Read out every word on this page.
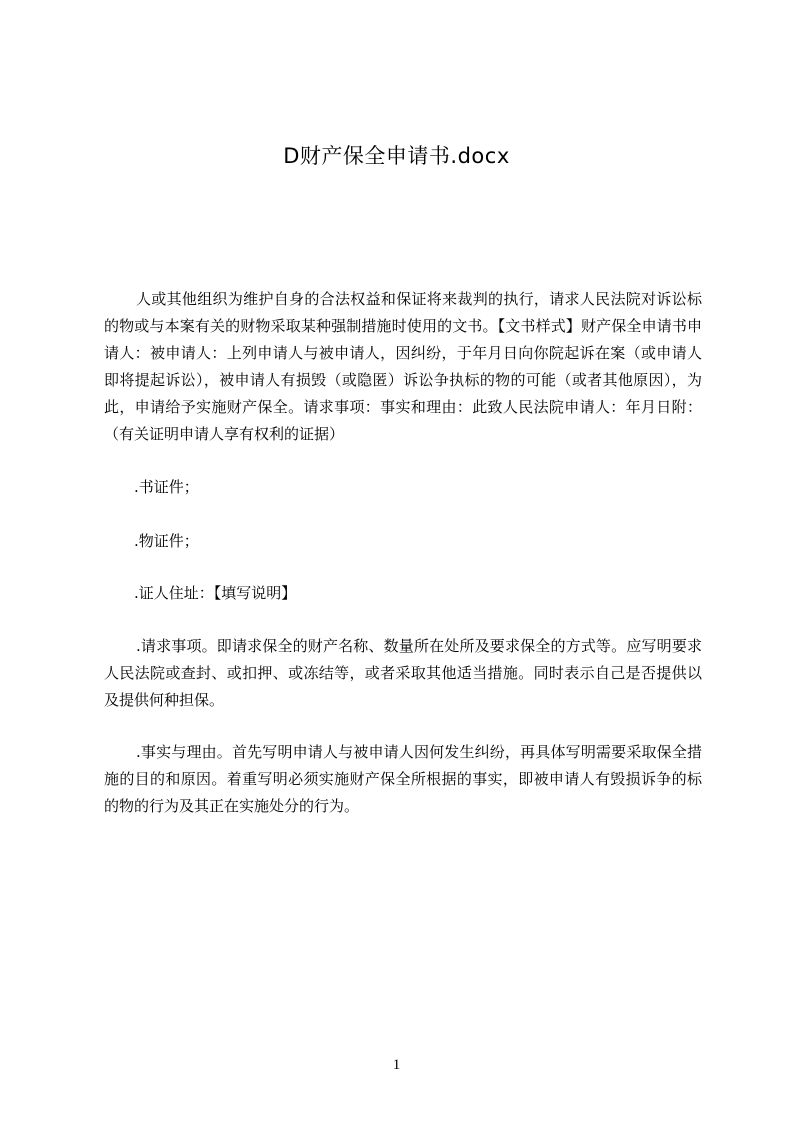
D财产保全申请书.docx

人或其他组织为维护自身的合法权益和保证将来裁判的执行，请求人民法院对诉讼标的物或与本案有关的财物采取某种强制措施时使用的文书。【文书样式】财产保全申请书申请人：被申请人：上列申请人与被申请人，因纠纷，于年月日向你院起诉在案（或申请人即将提起诉讼），被申请人有损毁（或隐匿）诉讼争执标的物的可能（或者其他原因），为此，申请给予实施财产保全。请求事项：事实和理由：此致人民法院申请人：年月日附：（有关证明申请人享有权利的证据）

.书证件；

.物证件；

.证人住址：【填写说明】

.请求事项。即请求保全的财产名称、数量所在处所及要求保全的方式等。应写明要求人民法院或查封、或扣押、或冻结等，或者采取其他适当措施。同时表示自己是否提供以及提供何种担保。

.事实与理由。首先写明申请人与被申请人因何发生纠纷，再具体写明需要采取保全措施的目的和原因。着重写明必须实施财产保全所根据的事实，即被申请人有毁损诉争的标的物的行为及其正在实施处分的行为。

1
